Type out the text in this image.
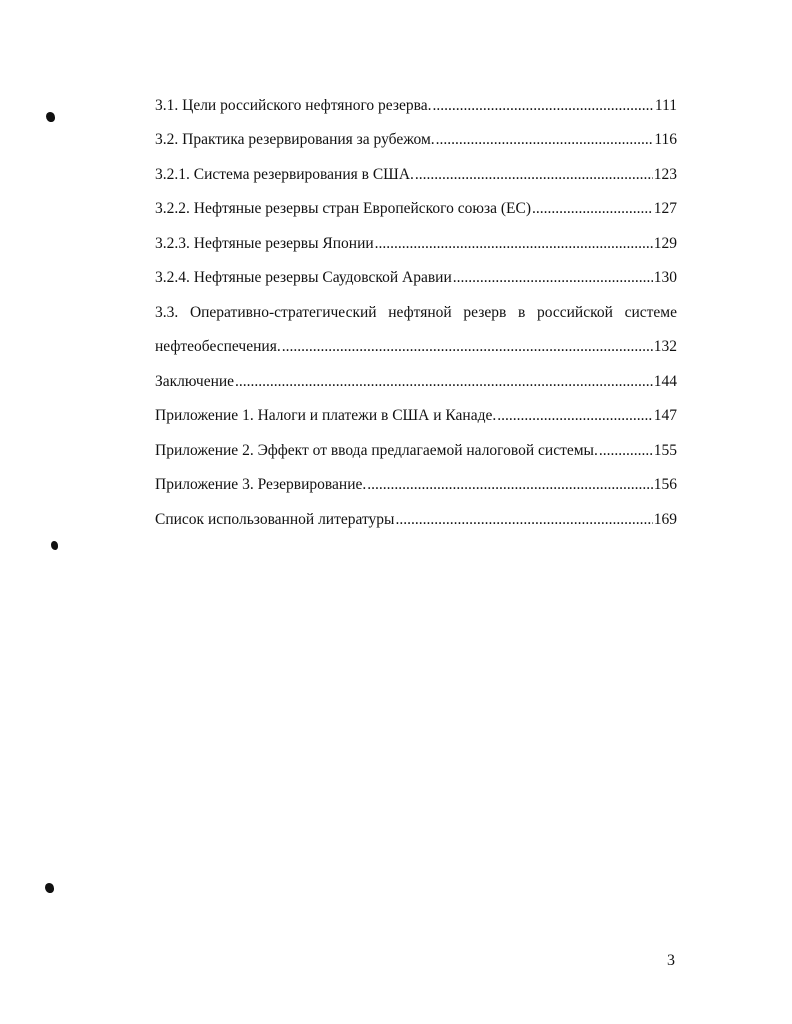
3.1. Цели российского нефтяного резерва. .....	111
3.2. Практика резервирования за рубежом. .....	116
3.2.1. Система резервирования в США. .....	123
3.2.2. Нефтяные резервы стран Европейского союза (ЕС) .....	127
3.2.3. Нефтяные резервы Японии .....	129
3.2.4. Нефтяные резервы Саудовской Аравии .....	130
3.3. Оперативно-стратегический нефтяной резерв в российской системе
нефтеобеспечения. .....	132
Заключение .....	144
Приложение 1. Налоги и платежи в США и Канаде. .....	147
Приложение 2. Эффект от ввода предлагаемой налоговой системы. .....	155
Приложение 3. Резервирование. .....	156
Список использованной литературы .....	169
3
